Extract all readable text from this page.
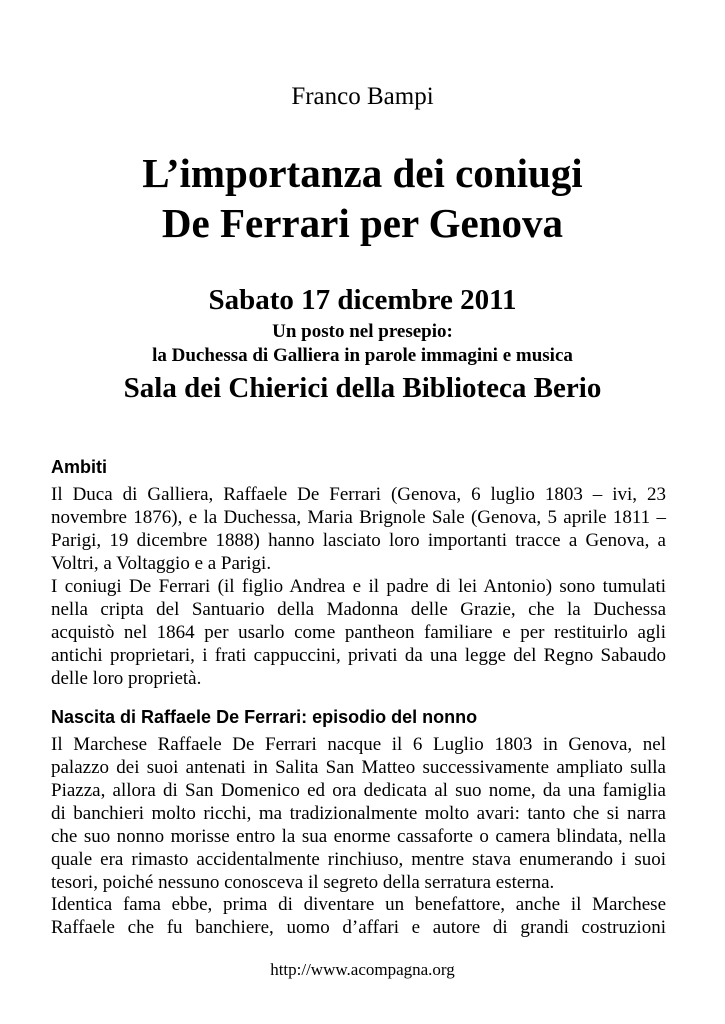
Franco Bampi
L’importanza dei coniugi
De Ferrari per Genova
Sabato 17 dicembre 2011
Un posto nel presepio:
la Duchessa di Galliera in parole immagini e musica
Sala dei Chierici della Biblioteca Berio
Ambiti
Il Duca di Galliera, Raffaele De Ferrari (Genova, 6 luglio 1803 – ivi, 23
novembre 1876), e la Duchessa, Maria Brignole Sale (Genova, 5 aprile 1811 –
Parigi, 19 dicembre 1888) hanno lasciato loro importanti tracce a Genova, a
Voltri, a Voltaggio e a Parigi.
I coniugi De Ferrari (il figlio Andrea e il padre di lei Antonio) sono tumulati
nella cripta del Santuario della Madonna delle Grazie, che la Duchessa
acquistò nel 1864 per usarlo come pantheon familiare e per restituirlo agli
antichi proprietari, i frati cappuccini, privati da una legge del Regno Sabaudo
delle loro proprietà.
Nascita di Raffaele De Ferrari: episodio del nonno
Il Marchese Raffaele De Ferrari nacque il 6 Luglio 1803 in Genova, nel
palazzo dei suoi antenati in Salita San Matteo successivamente ampliato sulla
Piazza, allora di San Domenico ed ora dedicata al suo nome, da una famiglia
di banchieri molto ricchi, ma tradizionalmente molto avari: tanto che si narra
che suo nonno morisse entro la sua enorme cassaforte o camera blindata, nella
quale era rimasto accidentalmente rinchiuso, mentre stava enumerando i suoi
tesori, poiché nessuno conosceva il segreto della serratura esterna.
Identica fama ebbe, prima di diventare un benefattore, anche il Marchese
Raffaele che fu banchiere, uomo d’affari e autore di grandi costruzioni
http://www.acompagna.org
